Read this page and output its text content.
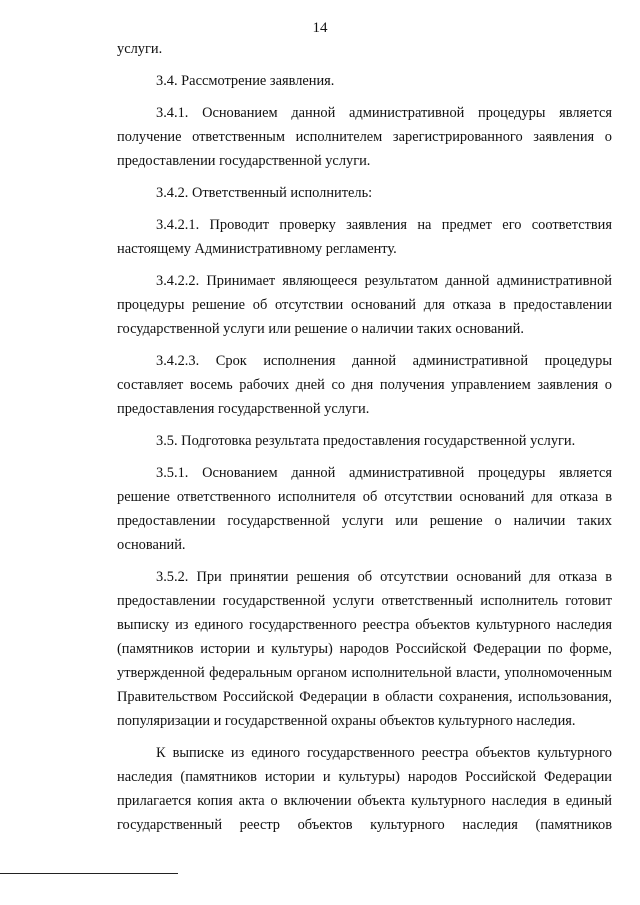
14

услуги.

3.4. Рассмотрение заявления.

3.4.1. Основанием данной административной процедуры является получение ответственным исполнителем зарегистрированного заявления о предоставлении государственной услуги.

3.4.2. Ответственный исполнитель:

3.4.2.1. Проводит проверку заявления на предмет его соответствия настоящему Административному регламенту.

3.4.2.2. Принимает являющееся результатом данной административной процедуры решение об отсутствии оснований для отказа в предоставлении государственной услуги или решение о наличии таких оснований.

3.4.2.3. Срок исполнения данной административной процедуры составляет восемь рабочих дней со дня получения управлением заявления о предоставления государственной услуги.

3.5. Подготовка результата предоставления государственной услуги.

3.5.1. Основанием данной административной процедуры является решение ответственного исполнителя об отсутствии оснований для отказа в предоставлении государственной услуги или решение о наличии таких оснований.

3.5.2. При принятии решения об отсутствии оснований для отказа в предоставлении государственной услуги ответственный исполнитель готовит выписку из единого государственного реестра объектов культурного наследия (памятников истории и культуры) народов Российской Федерации по форме, утвержденной федеральным органом исполнительной власти, уполномоченным Правительством Российской Федерации в области сохранения, использования, популяризации и государственной охраны объектов культурного наследия.

К выписке из единого государственного реестра объектов культурного наследия (памятников истории и культуры) народов Российской Федерации прилагается копия акта о включении объекта культурного наследия в единый государственный реестр объектов культурного наследия (памятников
